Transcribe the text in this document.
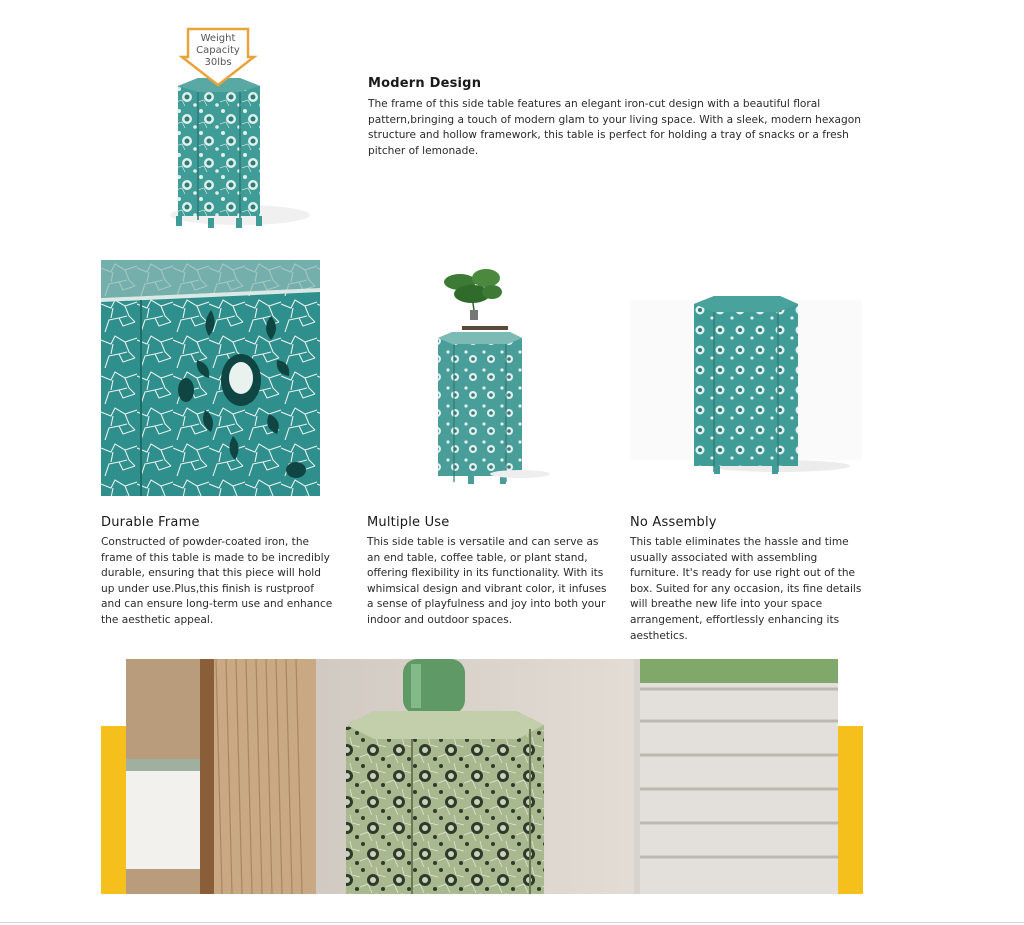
Weight
Capacity
30lbs
Modern Design
The frame of this side table features an elegant iron-cut design with a beautiful floral pattern,bringing a touch of modern glam to your living space. With a sleek, modern hexagon structure and hollow framework, this table is perfect for holding a tray of snacks or a fresh pitcher of lemonade.
Durable Frame
Constructed of powder-coated iron, the frame of this table is made to be incredibly durable, ensuring that this piece will hold up under use.Plus,this finish is rustproof and can ensure long-term use and enhance the aesthetic appeal.
Multiple Use
This side table is versatile and can serve as an end table, coffee table, or plant stand, offering flexibility in its functionality. With its whimsical design and vibrant color, it infuses a sense of playfulness and joy into both your indoor and outdoor spaces.
No Assembly
This table eliminates the hassle and time usually associated with assembling furniture. It's ready for use right out of the box. Suited for any occasion, its fine details will breathe new life into your space arrangement, effortlessly enhancing its aesthetics.
